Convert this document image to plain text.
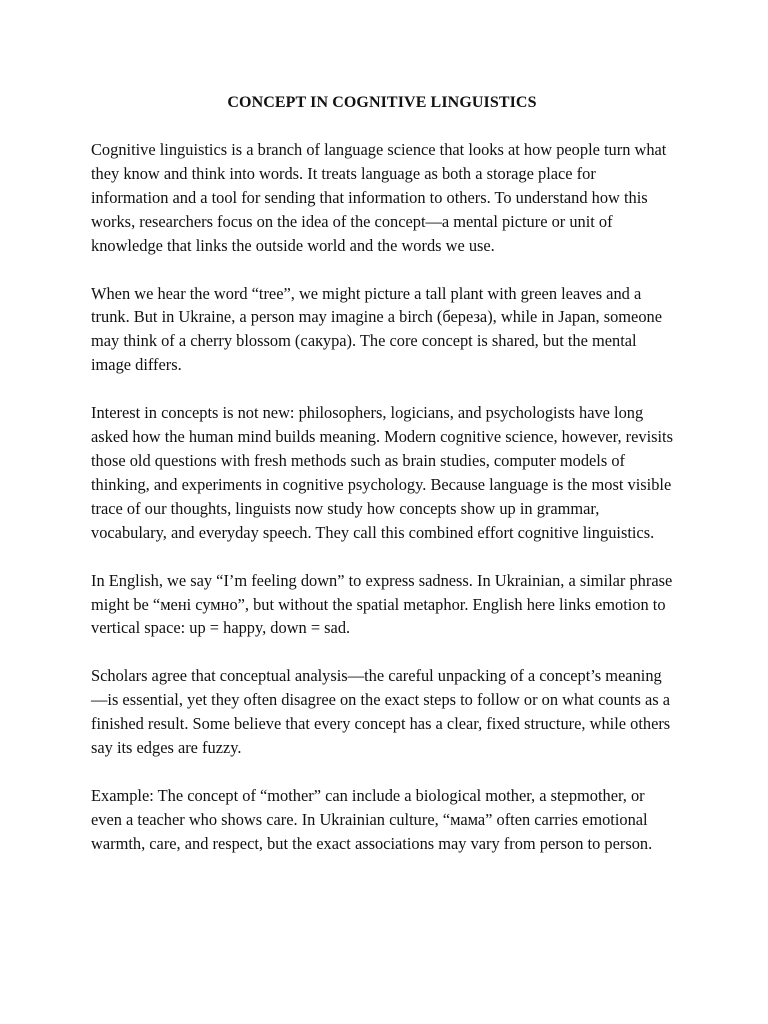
CONCEPT IN COGNITIVE LINGUISTICS

Cognitive linguistics is a branch of language science that looks at how people turn what they know and think into words. It treats language as both a storage place for information and a tool for sending that information to others. To understand how this works, researchers focus on the idea of the concept—a mental picture or unit of knowledge that links the outside world and the words we use.

When we hear the word “tree”, we might picture a tall plant with green leaves and a trunk. But in Ukraine, a person may imagine a birch (береза), while in Japan, someone may think of a cherry blossom (сакура). The core concept is shared, but the mental image differs.

Interest in concepts is not new: philosophers, logicians, and psychologists have long asked how the human mind builds meaning. Modern cognitive science, however, revisits those old questions with fresh methods such as brain studies, computer models of thinking, and experiments in cognitive psychology. Because language is the most visible trace of our thoughts, linguists now study how concepts show up in grammar, vocabulary, and everyday speech. They call this combined effort cognitive linguistics.

In English, we say “I’m feeling down” to express sadness. In Ukrainian, a similar phrase might be “мені сумно”, but without the spatial metaphor. English here links emotion to vertical space: up = happy, down = sad.

Scholars agree that conceptual analysis—the careful unpacking of a concept’s meaning—is essential, yet they often disagree on the exact steps to follow or on what counts as a finished result. Some believe that every concept has a clear, fixed structure, while others say its edges are fuzzy.

Example: The concept of “mother” can include a biological mother, a stepmother, or even a teacher who shows care. In Ukrainian culture, “мама” often carries emotional warmth, care, and respect, but the exact associations may vary from person to person.
